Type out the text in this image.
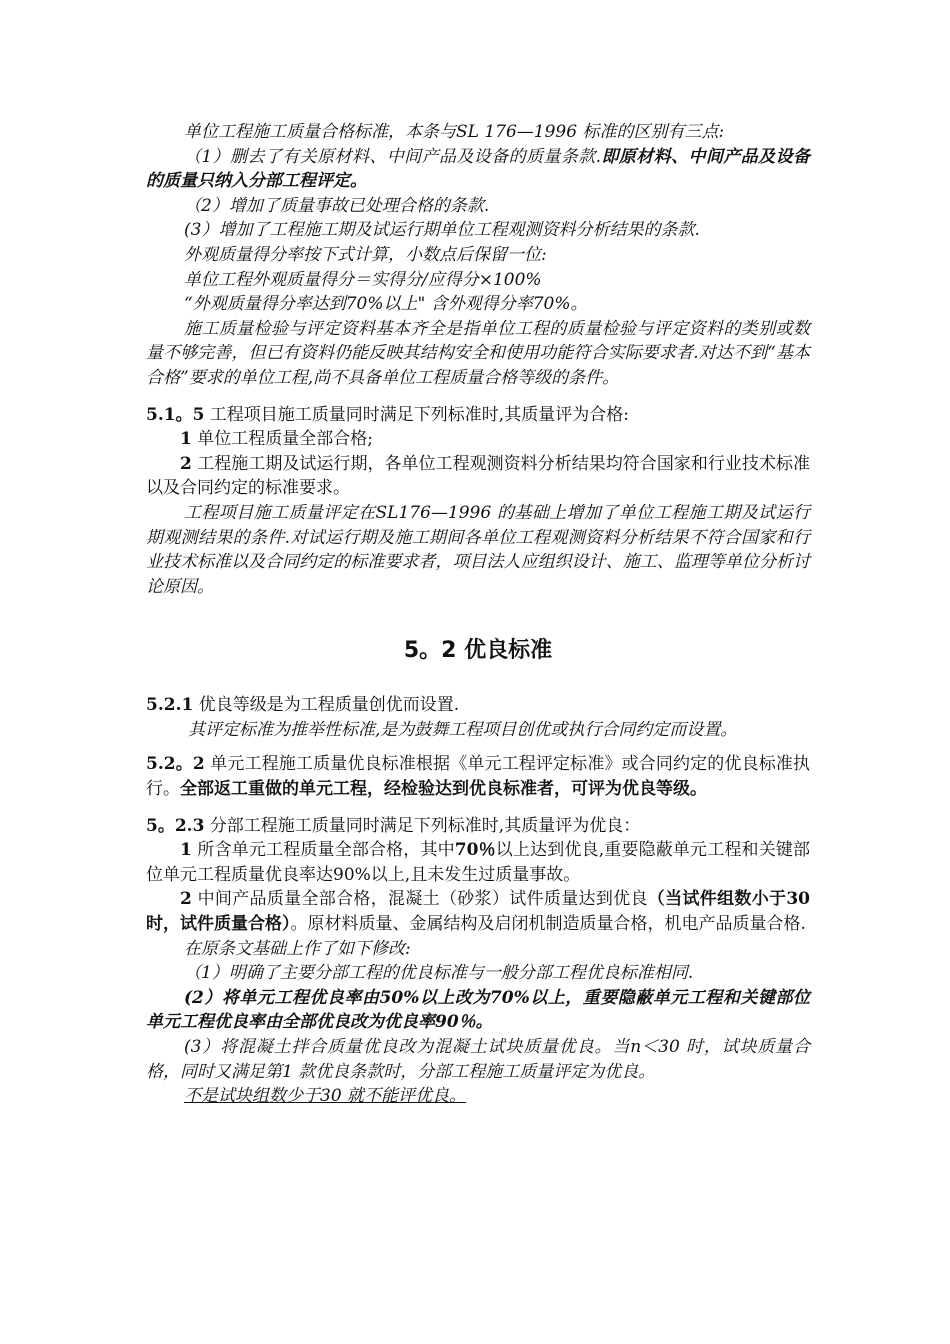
单位工程施工质量合格标准，本条与SL 176—1996 标准的区别有三点:

（1）删去了有关原材料、中间产品及设备的质量条款.即原材料、中间产品及设备的质量只纳入分部工程评定。

（2）增加了质量事故已处理合格的条款.

(3）增加了工程施工期及试运行期单位工程观测资料分析结果的条款.

外观质量得分率按下式计算，小数点后保留一位:

单位工程外观质量得分＝实得分/应得分×100%

“外观质量得分率达到70%以上" 含外观得分率70%。

施工质量检验与评定资料基本齐全是指单位工程的质量检验与评定资料的类别或数量不够完善，但已有资料仍能反映其结构安全和使用功能符合实际要求者.对达不到“基本合格”要求的单位工程,尚不具备单位工程质量合格等级的条件。

5.1。5 工程项目施工质量同时满足下列标准时,其质量评为合格:

1 单位工程质量全部合格;

2 工程施工期及试运行期，各单位工程观测资料分析结果均符合国家和行业技术标准以及合同约定的标准要求。

工程项目施工质量评定在SL176—1996 的基础上增加了单位工程施工期及试运行期观测结果的条件.对试运行期及施工期间各单位工程观测资料分析结果不符合国家和行业技术标准以及合同约定的标准要求者，项目法人应组织设计、施工、监理等单位分析讨论原因。

5。2 优良标准

5.2.1 优良等级是为工程质量创优而设置.

其评定标准为推举性标准,是为鼓舞工程项目创优或执行合同约定而设置。

5.2。2 单元工程施工质量优良标准根据《单元工程评定标准》或合同约定的优良标准执行。全部返工重做的单元工程，经检验达到优良标准者，可评为优良等级。

5。2.3 分部工程施工质量同时满足下列标准时,其质量评为优良：

1 所含单元工程质量全部合格，其中70％以上达到优良,重要隐蔽单元工程和关键部位单元工程质量优良率达90%以上,且未发生过质量事故。

2 中间产品质量全部合格，混凝土（砂浆）试件质量达到优良（当试件组数小于30时，试件质量合格）。原材料质量、金属结构及启闭机制造质量合格，机电产品质量合格.

在原条文基础上作了如下修改:

（1）明确了主要分部工程的优良标准与一般分部工程优良标准相同.

(2）将单元工程优良率由50%以上改为70%以上，重要隐蔽单元工程和关键部位单元工程优良率由全部优良改为优良率90％。

(3）将混凝土拌合质量优良改为混凝土试块质量优良。当n＜30 时，试块质量合格，同时又满足第1 款优良条款时，分部工程施工质量评定为优良。

不是试块组数少于30 就不能评优良。
